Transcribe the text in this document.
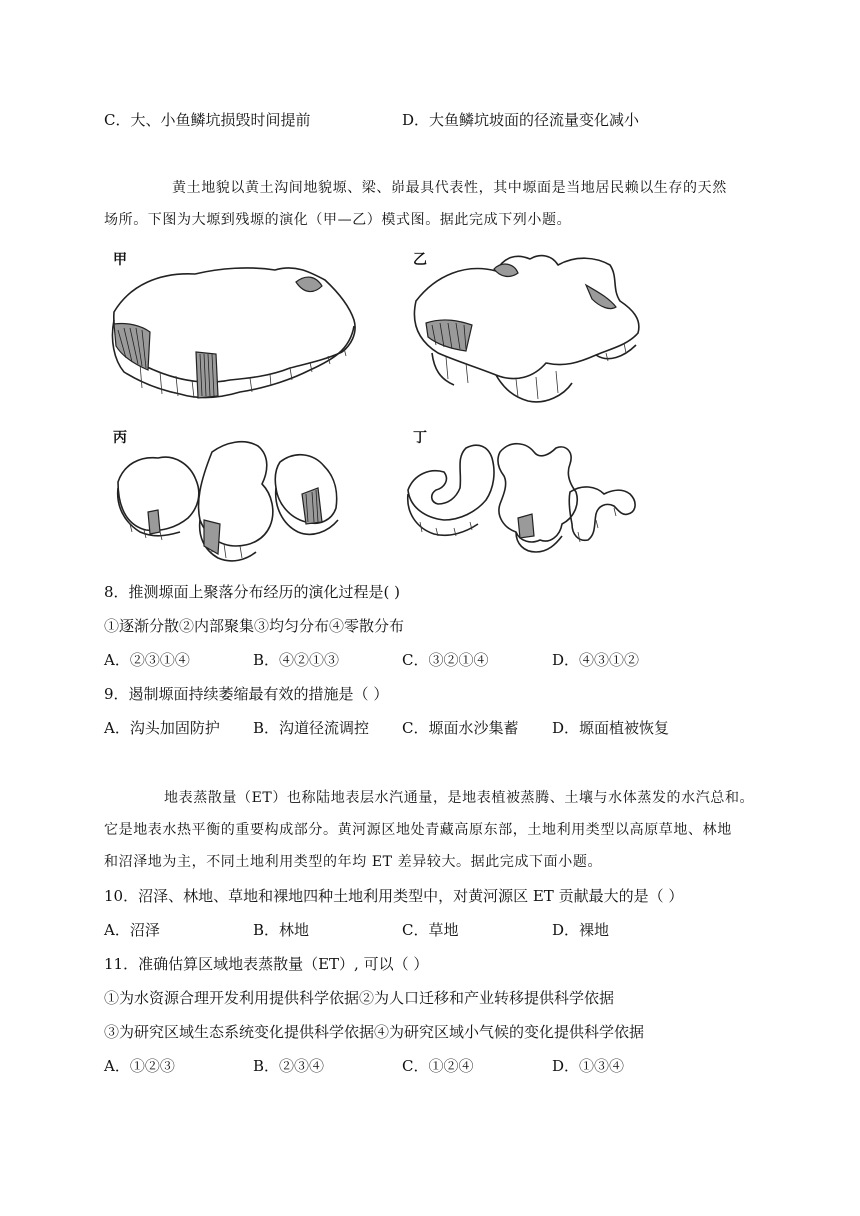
C．大、小鱼鳞坑损毁时间提前	D．大鱼鳞坑坡面的径流量变化减小
黄土地貌以黄土沟间地貌塬、梁、峁最具代表性，其中塬面是当地居民赖以生存的天然
场所。下图为大塬到残塬的演化（甲—乙）模式图。据此完成下列小题。
甲	乙
丙	丁
8．推测塬面上聚落分布经历的演化过程是( )
①逐渐分散②内部聚集③均匀分布④零散分布
A．②③①④	B．④②①③	C．③②①④	D．④③①②
9．遏制塬面持续萎缩最有效的措施是（ ）
A．沟头加固防护 B．沟道径流调控 C．塬面水沙集蓄 D．塬面植被恢复
地表蒸散量（ET）也称陆地表层水汽通量，是地表植被蒸腾、土壤与水体蒸发的水汽总和。
它是地表水热平衡的重要构成部分。黄河源区地处青藏高原东部，土地利用类型以高原草地、林地
和沼泽地为主，不同土地利用类型的年均 ET 差异较大。据此完成下面小题。
10．沼泽、林地、草地和裸地四种土地利用类型中，对黄河源区 ET 贡献最大的是（ ）
A．沼泽	B．林地	C．草地	D．裸地
11．准确估算区域地表蒸散量（ET）, 可以（ ）
①为水资源合理开发利用提供科学依据②为人口迁移和产业转移提供科学依据
③为研究区域生态系统变化提供科学依据④为研究区域小气候的变化提供科学依据
A．①②③	B．②③④	C．①②④	D．①③④
